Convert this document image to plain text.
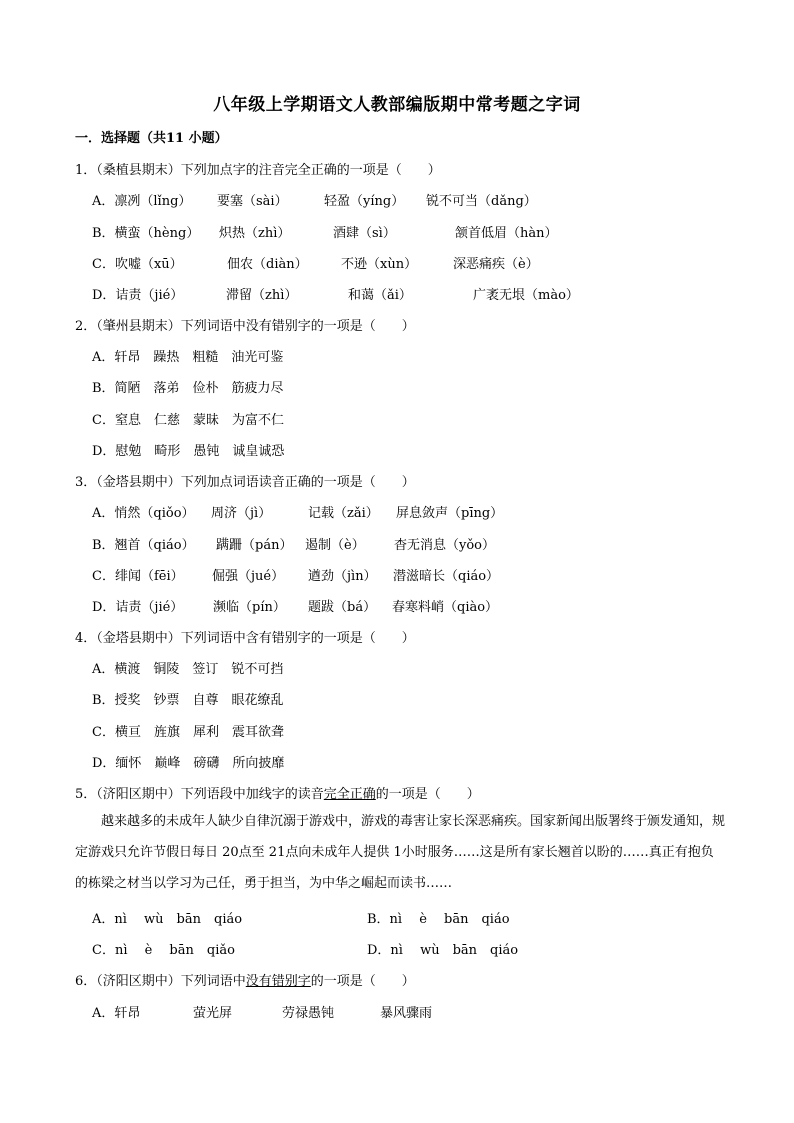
八年级上学期语文人教部编版期中常考题之字词
一．选择题（共11 小题）
1．（桑植县期末）下列加点字的注音完全正确的一项是（　　）
A．凛冽（lǐng） 要塞（sài）	轻盈（yíng） 锐不可当（dǎng）
B．横蛮（hèng） 炽热（zhì）	酒肆（sì）	颔首低眉（hàn）
C．吹嘘（xū）	佃农（diàn）	不逊（xùn）	深恶痛疾（è）
D．诘责（jié）	滞留（zhì）	和蔼（ǎi）	广袤无垠（mào）
2．（肇州县期末）下列词语中没有错别字的一项是（　　）
A．轩昂　躁热　粗糙　油光可鉴
B．简陋　落弟　俭朴　筋疲力尽
C．窒息　仁慈　蒙昧　为富不仁
D．慰勉　畸形　愚钝　诚皇诚恐
3．（金塔县期中）下列加点词语读音正确的一项是（　　）
A．悄然（qiǒo） 周济（jì）	记载（zǎi） 屏息敛声（pīng）
B．翘首（qiáo） 蹒跚（pán） 遏制（è） 杳无消息（yǒo）
C．绯闻（fēi） 倔强（jué） 遒劲（jìn） 潜滋暗长（qiáo）
D．诘责（jié） 濒临（pín） 题跋（bá） 春寒料峭（qiào）
4．（金塔县期中）下列词语中含有错别字的一项是（　　）
A．横渡　铜陵　签订　锐不可挡
B．授奖　钞票　自尊　眼花缭乱
C．横亘　旌旗　犀利　震耳欲聋
D．缅怀　巅峰　磅礴　所向披靡
5．（济阳区期中）下列语段中加线字的读音完全正确的一项是（　　）
越来越多的未成年人缺少自律沉溺于游戏中，游戏的毒害让家长深恶痛疾。国家新闻出版署终于颁发通知，规定游戏只允许节假日每日 20点至 21点向未成年人提供 1小时服务……这是所有家长翘首以盼的……真正有抱负的栋梁之材当以学习为己任，勇于担当，为中华之崛起而读书……
A．nì　 wù　bān　qiáo	B．nì　 è　 bān　qiáo
C．nì　 è　 bān　qiǎo	D．nì　 wù　bān　qiáo
6．（济阳区期中）下列词语中没有错别字的一项是（　　）
A．轩昂	萤光屏	劳禄愚钝	暴风骤雨
